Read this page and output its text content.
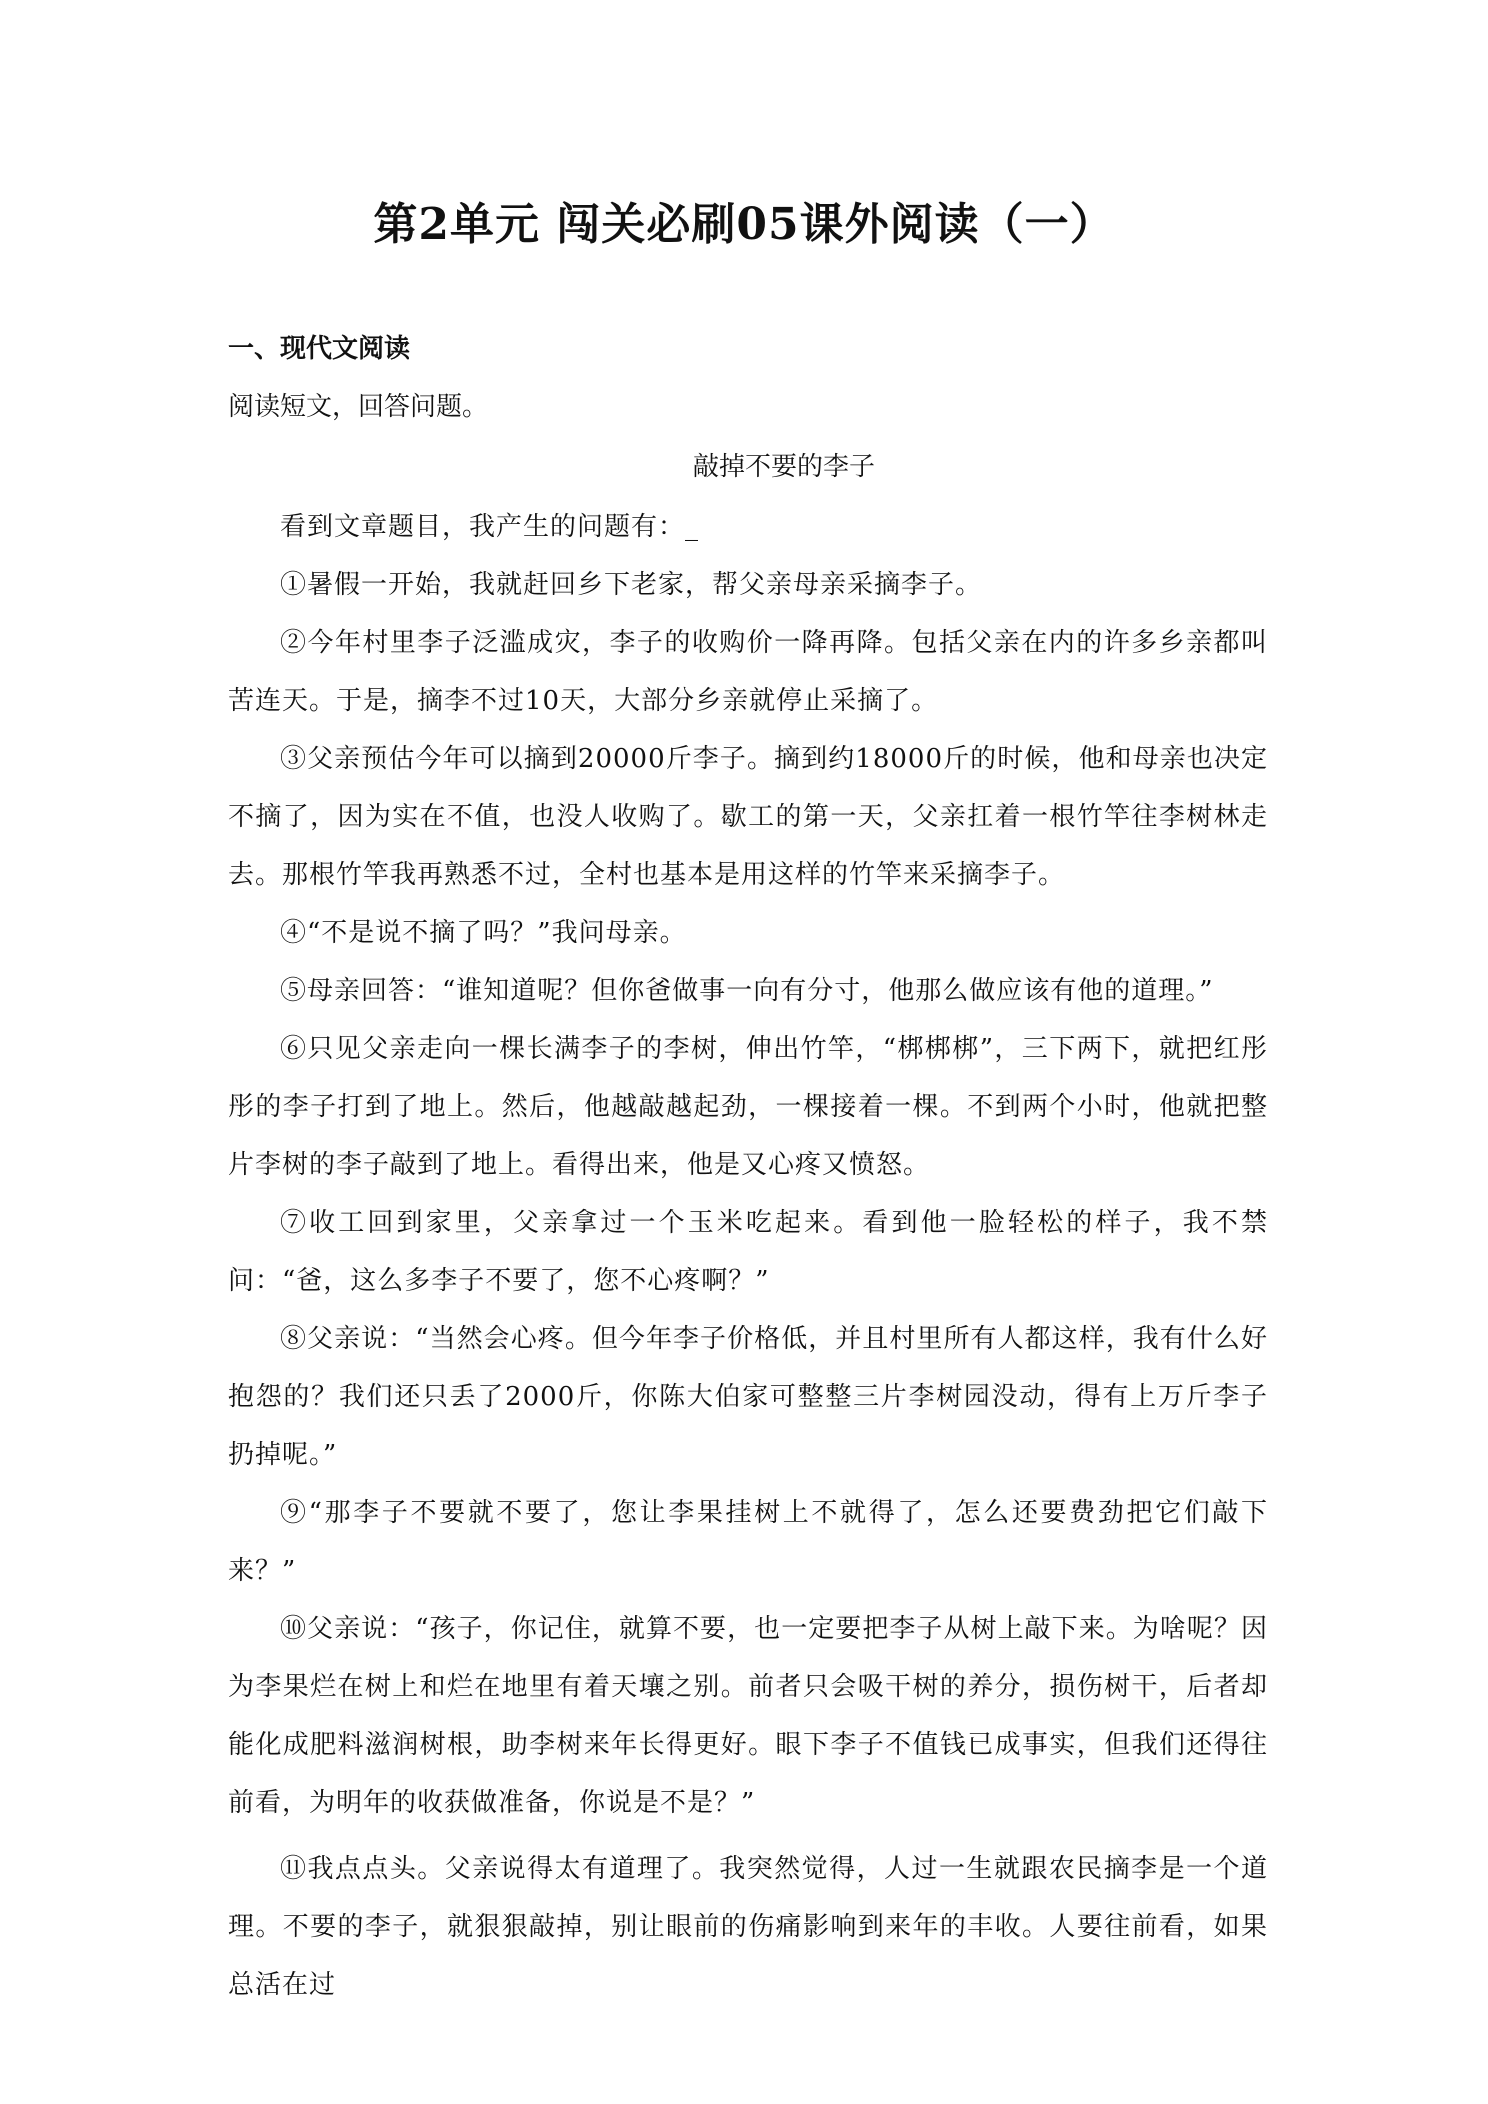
第2单元 闯关必刷05课外阅读（一）
一、现代文阅读

阅读短文，回答问题。

敲掉不要的李子

看到文章题目，我产生的问题有：_

①暑假一开始，我就赶回乡下老家，帮父亲母亲采摘李子。

②今年村里李子泛滥成灾，李子的收购价一降再降。包括父亲在内的许多乡亲都叫苦连天。于是，摘李不过10天，大部分乡亲就停止采摘了。

③父亲预估今年可以摘到20000斤李子。摘到约18000斤的时候，他和母亲也决定不摘了，因为实在不值，也没人收购了。歇工的第一天，父亲扛着一根竹竿往李树林走去。那根竹竿我再熟悉不过，全村也基本是用这样的竹竿来采摘李子。

④“不是说不摘了吗？”我问母亲。

⑤母亲回答：“谁知道呢？但你爸做事一向有分寸，他那么做应该有他的道理。”

⑥只见父亲走向一棵长满李子的李树，伸出竹竿，“梆梆梆”，三下两下，就把红彤彤的李子打到了地上。然后，他越敲越起劲，一棵接着一棵。不到两个小时，他就把整片李树的李子敲到了地上。看得出来，他是又心疼又愤怒。

⑦收工回到家里，父亲拿过一个玉米吃起来。看到他一脸轻松的样子，我不禁问：“爸，这么多李子不要了，您不心疼啊？”

⑧父亲说：“当然会心疼。但今年李子价格低，并且村里所有人都这样，我有什么好抱怨的？我们还只丢了2000斤，你陈大伯家可整整三片李树园没动，得有上万斤李子扔掉呢。”

⑨“那李子不要就不要了，您让李果挂树上不就得了，怎么还要费劲把它们敲下来？”

⑩父亲说：“孩子，你记住，就算不要，也一定要把李子从树上敲下来。为啥呢？因为李果烂在树上和烂在地里有着天壤之别。前者只会吸干树的养分，损伤树干，后者却能化成肥料滋润树根，助李树来年长得更好。眼下李子不值钱已成事实，但我们还得往前看，为明年的收获做准备，你说是不是？”

⑪我点点头。父亲说得太有道理了。我突然觉得，人过一生就跟农民摘李是一个道理。不要的李子，就狠狠敲掉，别让眼前的伤痛影响到来年的丰收。人要往前看，如果总活在过
